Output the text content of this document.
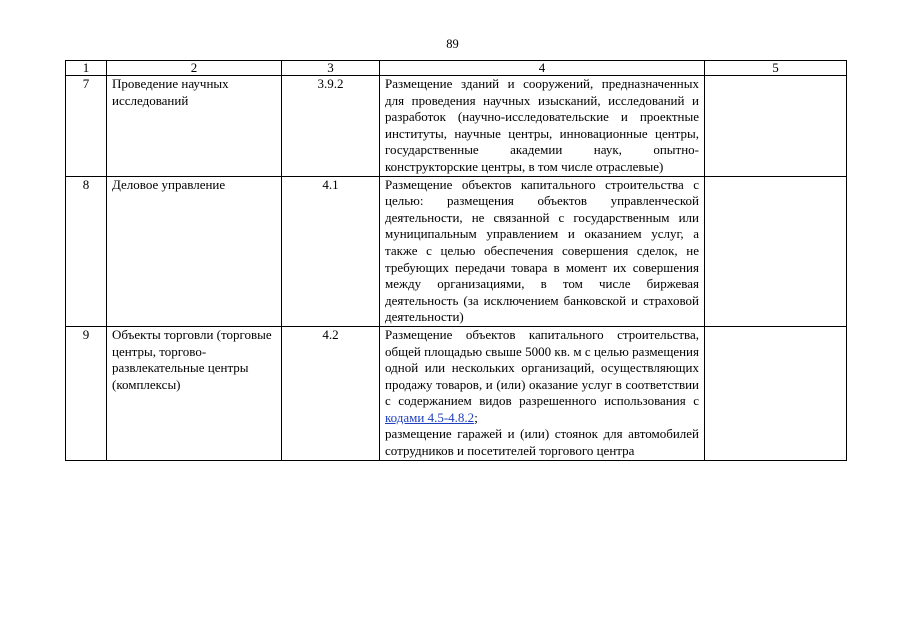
89
1	2	3	4	5
7	Проведение научных исследований	3.9.2	Размещение зданий и сооружений, предназначенных для проведения научных изысканий, исследований и разработок (научно-исследовательские и проектные институты, научные центры, инновационные центры, государственные академии наук, опытно-конструкторские центры, в том числе отраслевые)	
8	Деловое управление	4.1	Размещение объектов капитального строительства с целью: размещения объектов управленческой деятельности, не связанной с государственным или муниципальным управлением и оказанием услуг, а также с целью обеспечения совершения сделок, не требующих передачи товара в момент их совершения между организациями, в том числе биржевая деятельность (за исключением банковской и страховой деятельности)	
9	Объекты торговли (торговые центры, торгово-развлекательные центры (комплексы)	4.2	Размещение объектов капитального строительства, общей площадью свыше 5000 кв. м с целью размещения одной или нескольких организаций, осуществляющих продажу товаров, и (или) оказание услуг в соответствии с содержанием видов разрешенного использования с кодами 4.5-4.8.2;
размещение гаражей и (или) стоянок для автомобилей сотрудников и посетителей торгового центра	
